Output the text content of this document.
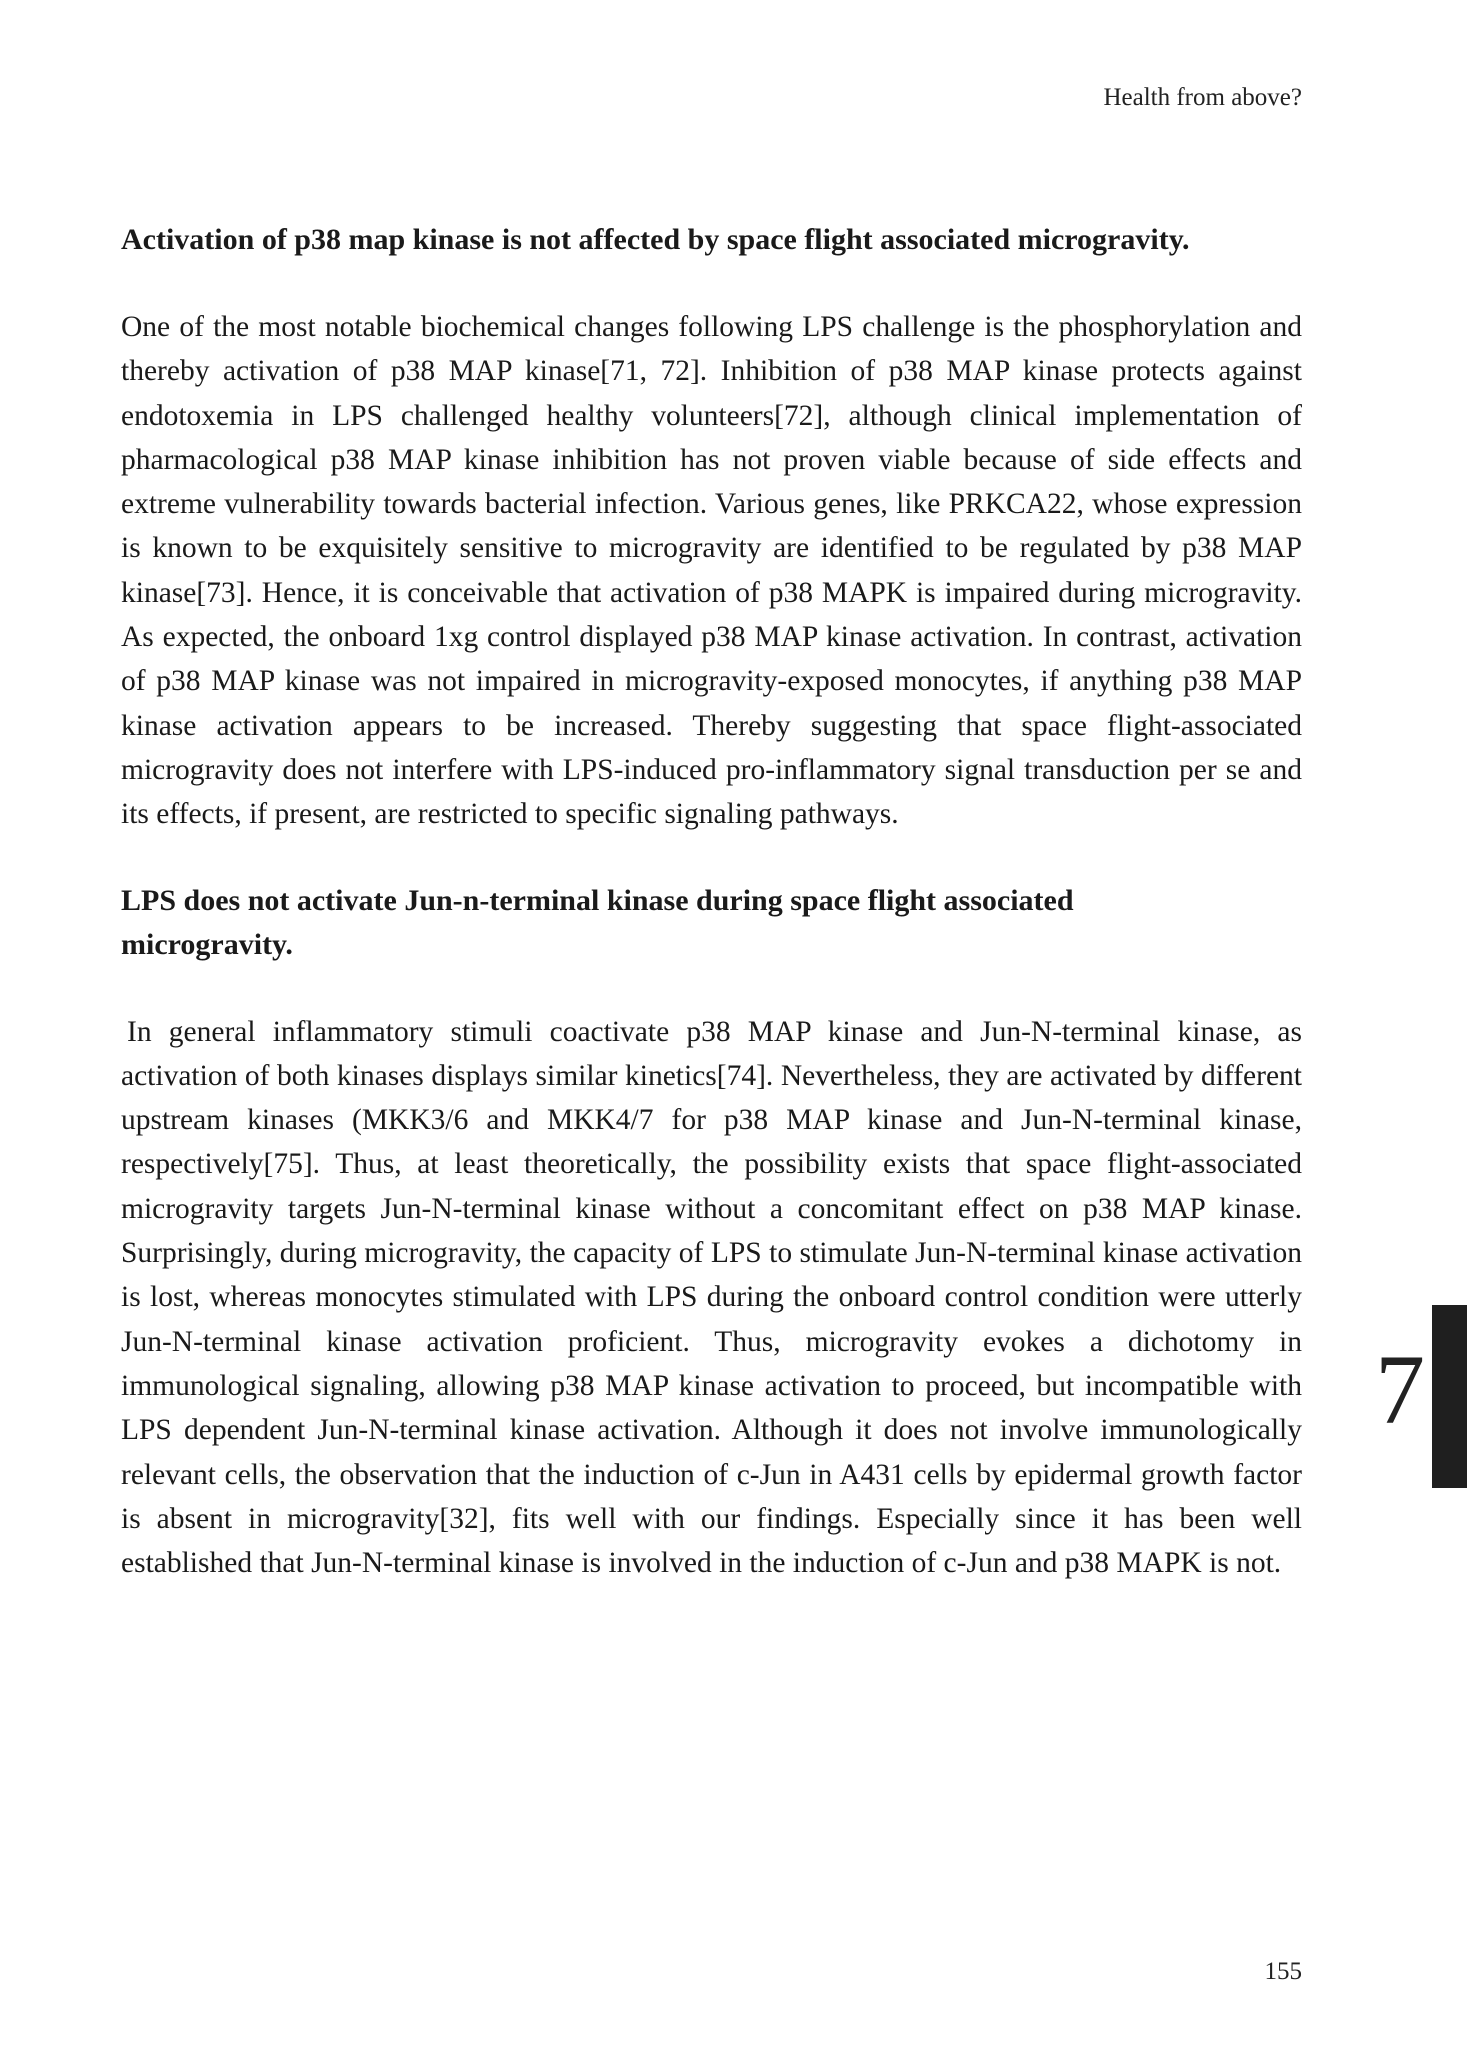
Health from above?
Activation of p38 map kinase is not affected by space flight associated microgravity.

One of the most notable biochemical changes following LPS challenge is the phosphorylation and thereby activation of p38 MAP kinase[71, 72]. Inhibition of p38 MAP kinase protects against endotoxemia in LPS challenged healthy volunteers[72], although clinical implementation of pharmacological p38 MAP kinase inhibition has not proven viable because of side effects and extreme vulnerability towards bacterial infection. Various genes, like PRKCA22, whose expression is known to be exquisitely sensitive to microgravity are identified to be regulated by p38 MAP kinase[73]. Hence, it is conceivable that activation of p38 MAPK is impaired during microgravity. As expected, the onboard 1xg control displayed p38 MAP kinase activation. In contrast, activation of p38 MAP kinase was not impaired in microgravity-exposed monocytes, if anything p38 MAP kinase activation appears to be increased. Thereby suggesting that space flight-associated microgravity does not interfere with LPS-induced pro-inflammatory signal transduction per se and its effects, if present, are restricted to specific signaling pathways.

LPS does not activate Jun-n-terminal kinase during space flight associated microgravity.

In general inflammatory stimuli coactivate p38 MAP kinase and Jun-N-terminal kinase, as activation of both kinases displays similar kinetics[74]. Nevertheless, they are activated by different upstream kinases (MKK3/6 and MKK4/7 for p38 MAP kinase and Jun-N-terminal kinase, respectively[75]. Thus, at least theoretically, the possibility exists that space flight-associated microgravity targets Jun-N-terminal kinase without a concomitant effect on p38 MAP kinase. Surprisingly, during microgravity, the capacity of LPS to stimulate Jun-N-terminal kinase activation is lost, whereas monocytes stimulated with LPS during the onboard control condition were utterly Jun-N-terminal kinase activation proficient. Thus, microgravity evokes a dichotomy in immunological signaling, allowing p38 MAP kinase activation to proceed, but incompatible with LPS dependent Jun-N-terminal kinase activation. Although it does not involve immunologically relevant cells, the observation that the induction of c-Jun in A431 cells by epidermal growth factor is absent in microgravity[32], fits well with our findings. Especially since it has been well established that Jun-N-terminal kinase is involved in the induction of c-Jun and p38 MAPK is not.

7
155
